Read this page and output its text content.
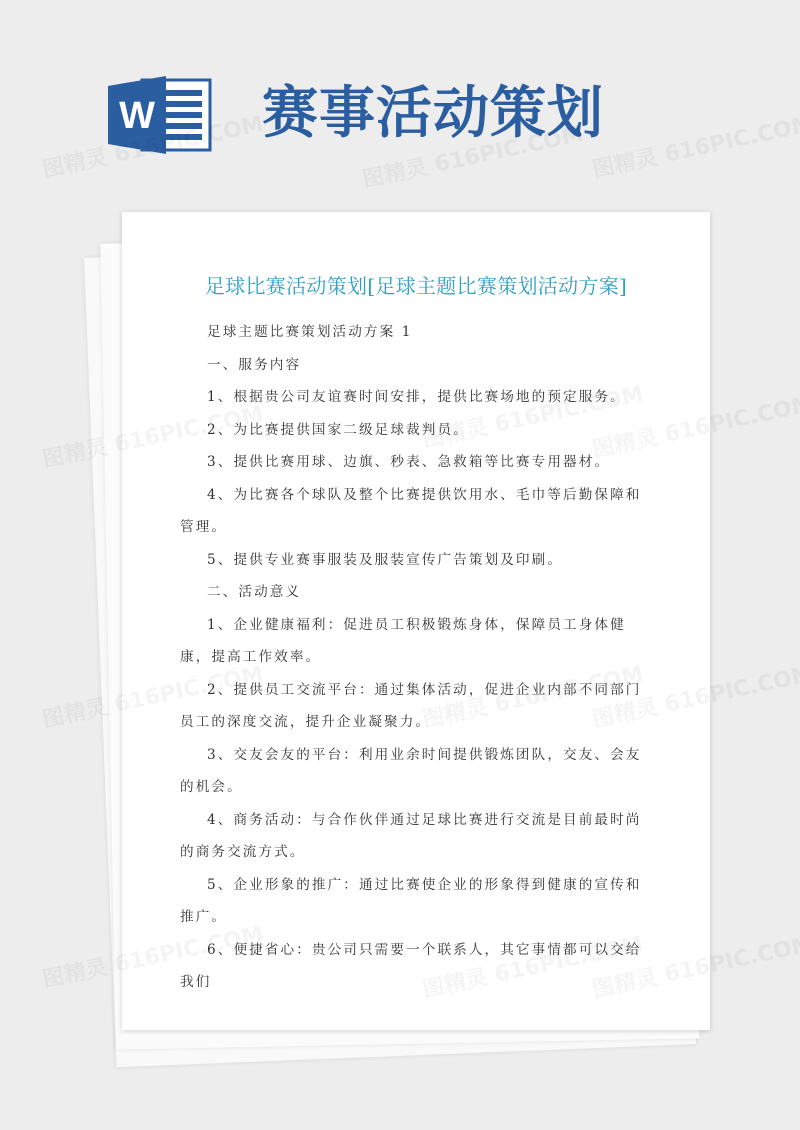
W 赛事活动策划
足球比赛活动策划[足球主题比赛策划活动方案]

足球主题比赛策划活动方案 1

一、服务内容

1、根据贵公司友谊赛时间安排，提供比赛场地的预定服务。

2、为比赛提供国家二级足球裁判员。

3、提供比赛用球、边旗、秒表、急救箱等比赛专用器材。

4、为比赛各个球队及整个比赛提供饮用水、毛巾等后勤保障和管理。

5、提供专业赛事服装及服装宣传广告策划及印刷。

二、活动意义

1、企业健康福利：促进员工积极锻炼身体，保障员工身体健康，提高工作效率。

2、提供员工交流平台：通过集体活动，促进企业内部不同部门员工的深度交流，提升企业凝聚力。

3、交友会友的平台：利用业余时间提供锻炼团队，交友、会友的机会。

4、商务活动：与合作伙伴通过足球比赛进行交流是目前最时尚的商务交流方式。

5、企业形象的推广：通过比赛使企业的形象得到健康的宣传和推广。

6、便捷省心：贵公司只需要一个联系人，其它事情都可以交给我们
